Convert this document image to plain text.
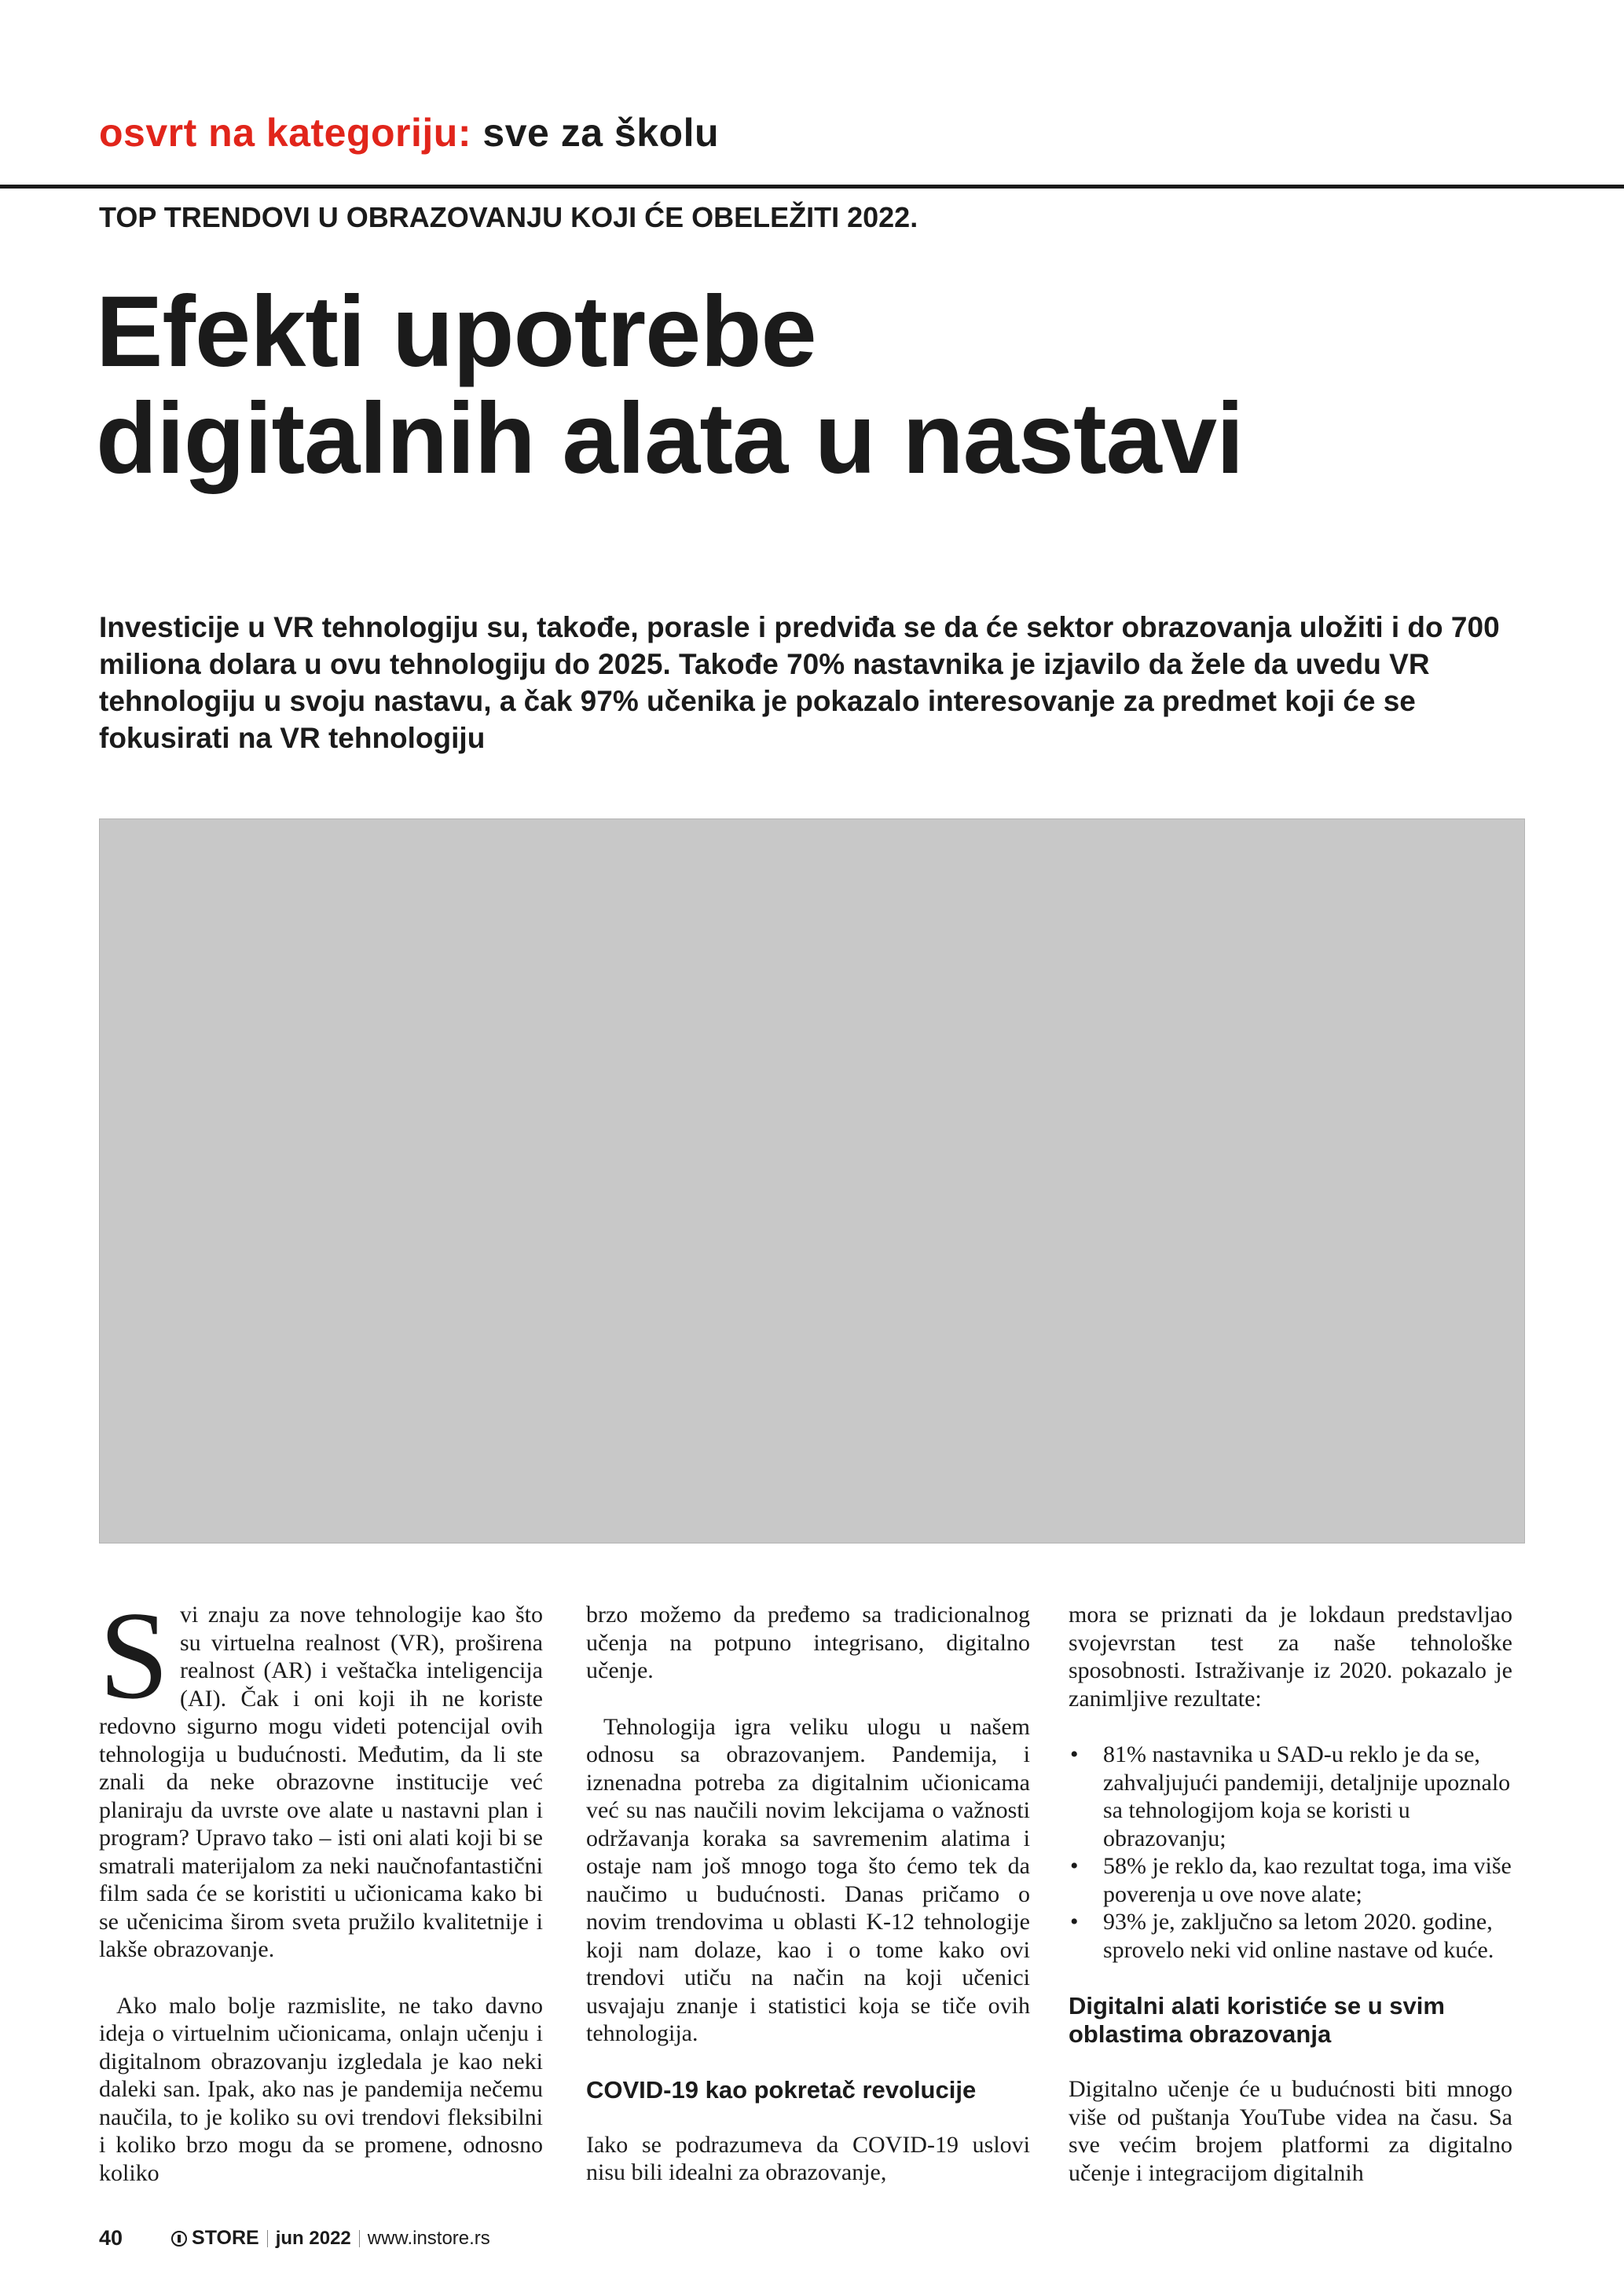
osvrt na kategoriju: sve za školu
TOP TRENDOVI U OBRAZOVANJU KOJI ĆE OBELEŽITI 2022.
Efekti upotrebe
digitalnih alata u nastavi
Investicije u VR tehnologiju su, takođe, porasle i predviđa se da će sektor obrazovanja uložiti i do 700 miliona dolara u ovu tehnologiju do 2025. Takođe 70% nastavnika je izjavilo da žele da uvedu VR tehnologiju u svoju nastavu, a čak 97% učenika je pokazalo interesovanje za predmet koji će se fokusirati na VR tehnologiju

Svi znaju za nove tehnologije kao što su virtuelna realnost (VR), proširena realnost (AR) i veštačka inteligencija (AI). Čak i oni koji ih ne koriste redovno sigurno mogu videti potencijal ovih tehnologija u budućnosti. Međutim, da li ste znali da neke obrazovne institucije već planiraju da uvrste ove alate u nastavni plan i program? Upravo tako – isti oni alati koji bi se smatrali materijalom za neki naučnofantastični film sada će se koristiti u učionicama kako bi se učenicima širom sveta pružilo kvalitetnije i lakše obrazovanje.

Ako malo bolje razmislite, ne tako davno ideja o virtuelnim učionicama, onlajn učenju i digitalnom obrazovanju izgledala je kao neki daleki san. Ipak, ako nas je pandemija nečemu naučila, to je koliko su ovi trendovi fleksibilni i koliko brzo mogu da se promene, odnosno koliko

brzo možemo da pređemo sa tradicionalnog učenja na potpuno integrisano, digitalno učenje.

Tehnologija igra veliku ulogu u našem odnosu sa obrazovanjem. Pandemija, i iznenadna potreba za digitalnim učionicama već su nas naučili novim lekcijama o važnosti održavanja koraka sa savremenim alatima i ostaje nam još mnogo toga što ćemo tek da naučimo u budućnosti. Danas pričamo o novim trendovima u oblasti K-12 tehnologije koji nam dolaze, kao i o tome kako ovi trendovi utiču na način na koji učenici usvajaju znanje i statistici koja se tiče ovih tehnologija.

COVID-19 kao pokretač revolucije

Iako se podrazumeva da COVID-19 uslovi nisu bili idealni za obrazovanje,

mora se priznati da je lokdaun predstavljao svojevrstan test za naše tehnološke sposobnosti. Istraživanje iz 2020. pokazalo je zanimljive rezultate:

• 81% nastavnika u SAD-u reklo je da se, zahvaljujući pandemiji, detaljnije upoznalo sa tehnologijom koja se koristi u obrazovanju;
• 58% je reklo da, kao rezultat toga, ima više poverenja u ove nove alate;
• 93% je, zaključno sa letom 2020. godine, sprovelo neki vid online nastave od kuće.
Digitalni alati koristiće se u svim oblastima obrazovanja

Digitalno učenje će u budućnosti biti mnogo više od puštanja YouTube videa na času. Sa sve većim brojem platformi za digitalno učenje i integracijom digitalnih

40	STORE jun 2022 www.instore.rs
